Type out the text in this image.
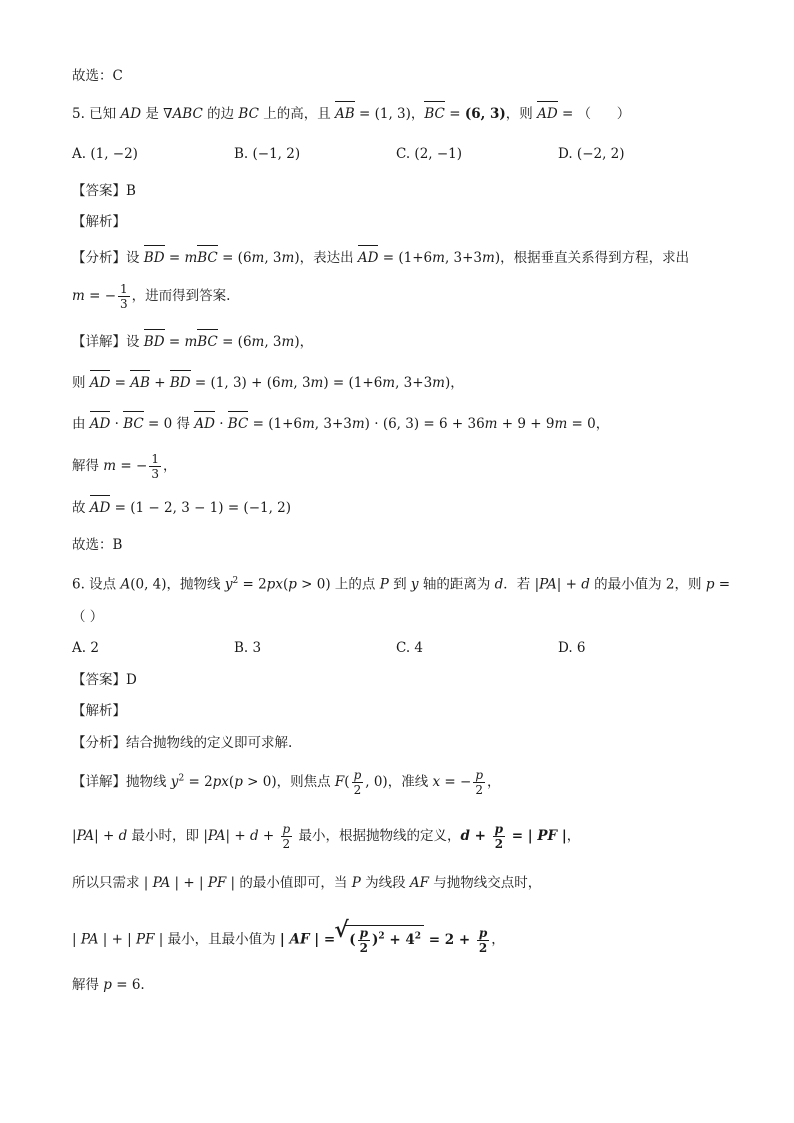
故选：C
5. 已知 AD 是 ∇ABC 的边 BC 上的高，且 AB = (1, 3)，BC = (6, 3)，则 AD = （      ）
A. (1, −2)	B. (−1, 2)	C. (2, −1)	D. (−2, 2)
【答案】B
【解析】
【分析】设 BD = mBC = (6m, 3m)，表达出 AD = (1+6m, 3+3m)，根据垂直关系得到方程，求出
m = − $\frac{1}{3}$ ，进而得到答案.
【详解】设 BD = mBC = (6m, 3m)，
则 AD = AB + BD = (1, 3) + (6m, 3m) = (1+6m, 3+3m)，
由 AD · BC = 0 得 AD · BC = (1+6m, 3+3m) · (6, 3) = 6 + 36m + 9 + 9m = 0，
解得 m = − $\frac{1}{3}$ ，
故 AD = (1 − 2, 3 − 1) = (−1, 2)
故选：B
6. 设点 A(0, 4)，抛物线 $y^2 = 2px(p > 0)$ 上的点 P 到 y 轴的距离为 d．若 |PA| + d 的最小值为 2，则 p =
（ ）
A. 2	B. 3	C. 4	D. 6
【答案】D
【解析】
【分析】结合抛物线的定义即可求解.
【详解】抛物线 $y^2 = 2px(p > 0)$，则焦点 $F( \frac{p}{2}$ , 0)，准线 x = − $\frac{p}{2}$ ，
|PA| + d 最小时，即 $|PA| + d + \frac{p}{2}$ 最小，根据抛物线的定义，$d + \frac{p}{2}$ = | PF |，
所以只需求 | PA | + | PF | 的最小值即可，当 P 为线段 AF 与抛物线交点时，
| PA | + | PF | 最小，且最小值为 | AF | =√ ( $\frac{p}{2} )^2 + 4^2 = 2 + \frac{p}{2}$ ，
解得 p = 6.
